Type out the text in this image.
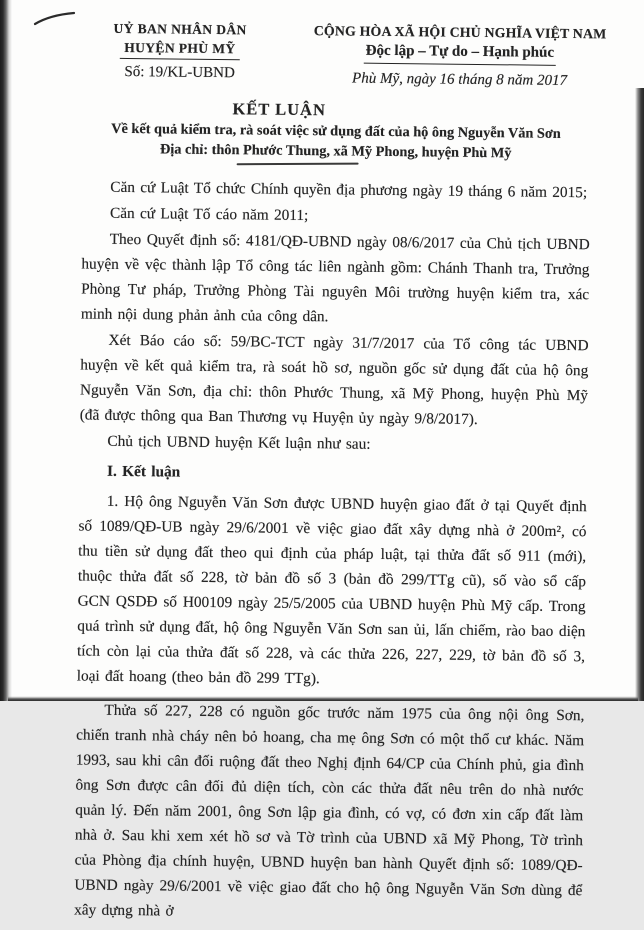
UỶ BAN NHÂN DÂN
HUYỆN PHÙ MỸ
Số: 19/KL-UBND
CỘNG HÒA XÃ HỘI CHỦ NGHĨA VIỆT NAM
Độc lập – Tự do – Hạnh phúc
Phù Mỹ, ngày 16 tháng 8 năm 2017
KẾT LUẬN
Về kết quả kiểm tra, rà soát việc sử dụng đất của hộ ông Nguyễn Văn Sơn
Địa chỉ: thôn Phước Thung, xã Mỹ Phong, huyện Phù Mỹ

Căn cứ Luật Tổ chức Chính quyền địa phương ngày 19 tháng 6 năm 2015;

Căn cứ Luật Tố cáo năm 2011;

Theo Quyết định số: 4181/QĐ-UBND ngày 08/6/2017 của Chủ tịch UBND huyện về vệc thành lập Tổ công tác liên ngành gồm: Chánh Thanh tra, Trưởng Phòng Tư pháp, Trưởng Phòng Tài nguyên Môi trường huyện kiểm tra, xác minh nội dung phản ảnh của công dân.

Xét Báo cáo số: 59/BC-TCT ngày 31/7/2017 của Tổ công tác UBND huyện về kết quả kiểm tra, rà soát hồ sơ, nguồn gốc sử dụng đất của hộ ông Nguyễn Văn Sơn, địa chỉ: thôn Phước Thung, xã Mỹ Phong, huyện Phù Mỹ (đã được thông qua Ban Thương vụ Huyện ủy ngày 9/8/2017).

Chủ tịch UBND huyện Kết luận như sau:

I. Kết luận

1. Hộ ông Nguyễn Văn Sơn được UBND huyện giao đất ở tại Quyết định số 1089/QĐ-UB ngày 29/6/2001 về việc giao đất xây dựng nhà ở 200m², có thu tiền sử dụng đất theo qui định của pháp luật, tại thửa đất số 911 (mới), thuộc thửa đất số 228, tờ bản đồ số 3 (bản đồ 299/TTg cũ), số vào sổ cấp GCN QSDĐ số H00109 ngày 25/5/2005 của UBND huyện Phù Mỹ cấp. Trong quá trình sử dụng đất, hộ ông Nguyễn Văn Sơn san ủi, lấn chiếm, rào bao diện tích còn lại của thửa đất số 228, và các thửa 226, 227, 229, tờ bản đồ số 3, loại đất hoang (theo bản đồ 299 TTg).

Thửa số 227, 228 có nguồn gốc trước năm 1975 của ông nội ông Sơn, chiến tranh nhà cháy nên bỏ hoang, cha mẹ ông Sơn có một thổ cư khác. Năm 1993, sau khi cân đối ruộng đất theo Nghị định 64/CP của Chính phủ, gia đình ông Sơn được cân đối đủ diện tích, còn các thửa đất nêu trên do nhà nước quản lý. Đến năm 2001, ông Sơn lập gia đình, có vợ, có đơn xin cấp đất làm nhà ở. Sau khi xem xét hồ sơ và Tờ trình của UBND xã Mỹ Phong, Tờ trình của Phòng địa chính huyện, UBND huyện ban hành Quyết định số: 1089/QĐ-UBND ngày 29/6/2001 về việc giao đất cho hộ ông Nguyễn Văn Sơn dùng để xây dựng nhà ở
